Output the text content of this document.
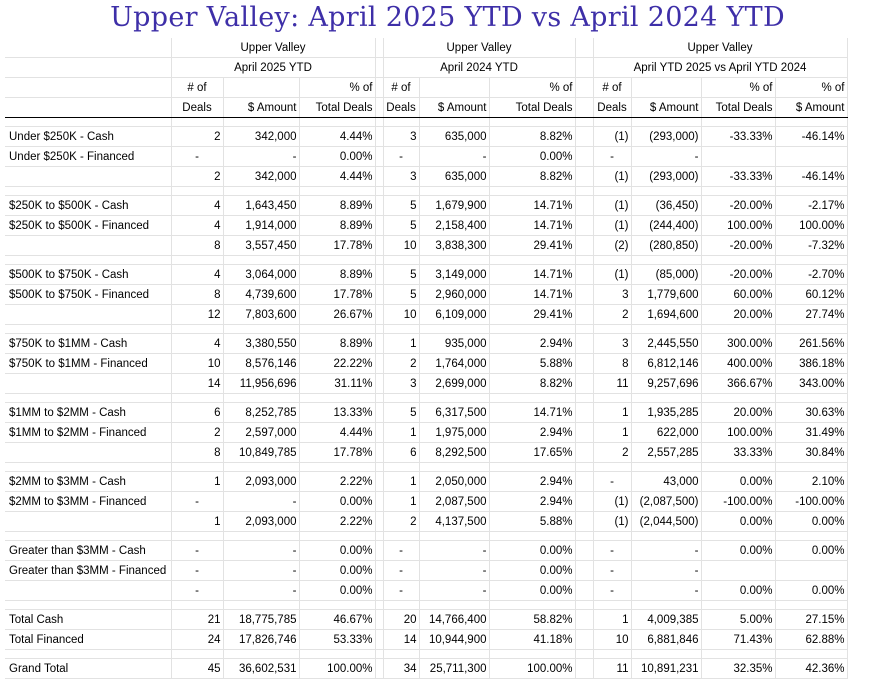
Upper Valley: April 2025 YTD vs April 2024 YTD
	Upper Valley				Upper Valley				Upper Valley			
	April 2025 YTD				April 2024 YTD				April YTD 2025 vs April YTD 2024			
	# of		% of		# of		% of		# of		% of	% of
	Deals	$ Amount	Total Deals		Deals	$ Amount	Total Deals		Deals	$ Amount	Total Deals	$ Amount

Under $250K - Cash	2	342,000	4.44%		3	635,000	8.82%		(1)	(293,000)	-33.33%	-46.14%
Under $250K - Financed	-	-	0.00%		-	-	0.00%		-	-		
	2	342,000	4.44%		3	635,000	8.82%		(1)	(293,000)	-33.33%	-46.14%

$250K to $500K - Cash	4	1,643,450	8.89%		5	1,679,900	14.71%		(1)	(36,450)	-20.00%	-2.17%
$250K to $500K - Financed	4	1,914,000	8.89%		5	2,158,400	14.71%		(1)	(244,400)	100.00%	100.00%
	8	3,557,450	17.78%		10	3,838,300	29.41%		(2)	(280,850)	-20.00%	-7.32%

$500K to $750K - Cash	4	3,064,000	8.89%		5	3,149,000	14.71%		(1)	(85,000)	-20.00%	-2.70%
$500K to $750K - Financed	8	4,739,600	17.78%		5	2,960,000	14.71%		3	1,779,600	60.00%	60.12%
	12	7,803,600	26.67%		10	6,109,000	29.41%		2	1,694,600	20.00%	27.74%

$750K to $1MM - Cash	4	3,380,550	8.89%		1	935,000	2.94%		3	2,445,550	300.00%	261.56%
$750K to $1MM - Financed	10	8,576,146	22.22%		2	1,764,000	5.88%		8	6,812,146	400.00%	386.18%
	14	11,956,696	31.11%		3	2,699,000	8.82%		11	9,257,696	366.67%	343.00%

$1MM to $2MM - Cash	6	8,252,785	13.33%		5	6,317,500	14.71%		1	1,935,285	20.00%	30.63%
$1MM to $2MM - Financed	2	2,597,000	4.44%		1	1,975,000	2.94%		1	622,000	100.00%	31.49%
	8	10,849,785	17.78%		6	8,292,500	17.65%		2	2,557,285	33.33%	30.84%

$2MM to $3MM - Cash	1	2,093,000	2.22%		1	2,050,000	2.94%		-	43,000	0.00%	2.10%
$2MM to $3MM - Financed	-	-	0.00%		1	2,087,500	2.94%		(1)	(2,087,500)	-100.00%	-100.00%
	1	2,093,000	2.22%		2	4,137,500	5.88%		(1)	(2,044,500)	0.00%	0.00%

Greater than $3MM - Cash	-	-	0.00%		-	-	0.00%		-	-	0.00%	0.00%
Greater than $3MM - Financed	-	-	0.00%		-	-	0.00%		-	-		
	-	-	0.00%		-	-	0.00%		-	-	0.00%	0.00%

Total Cash	21	18,775,785	46.67%		20	14,766,400	58.82%		1	4,009,385	5.00%	27.15%
Total Financed	24	17,826,746	53.33%		14	10,944,900	41.18%		10	6,881,846	71.43%	62.88%

Grand Total	45	36,602,531	100.00%		34	25,711,300	100.00%		11	10,891,231	32.35%	42.36%
